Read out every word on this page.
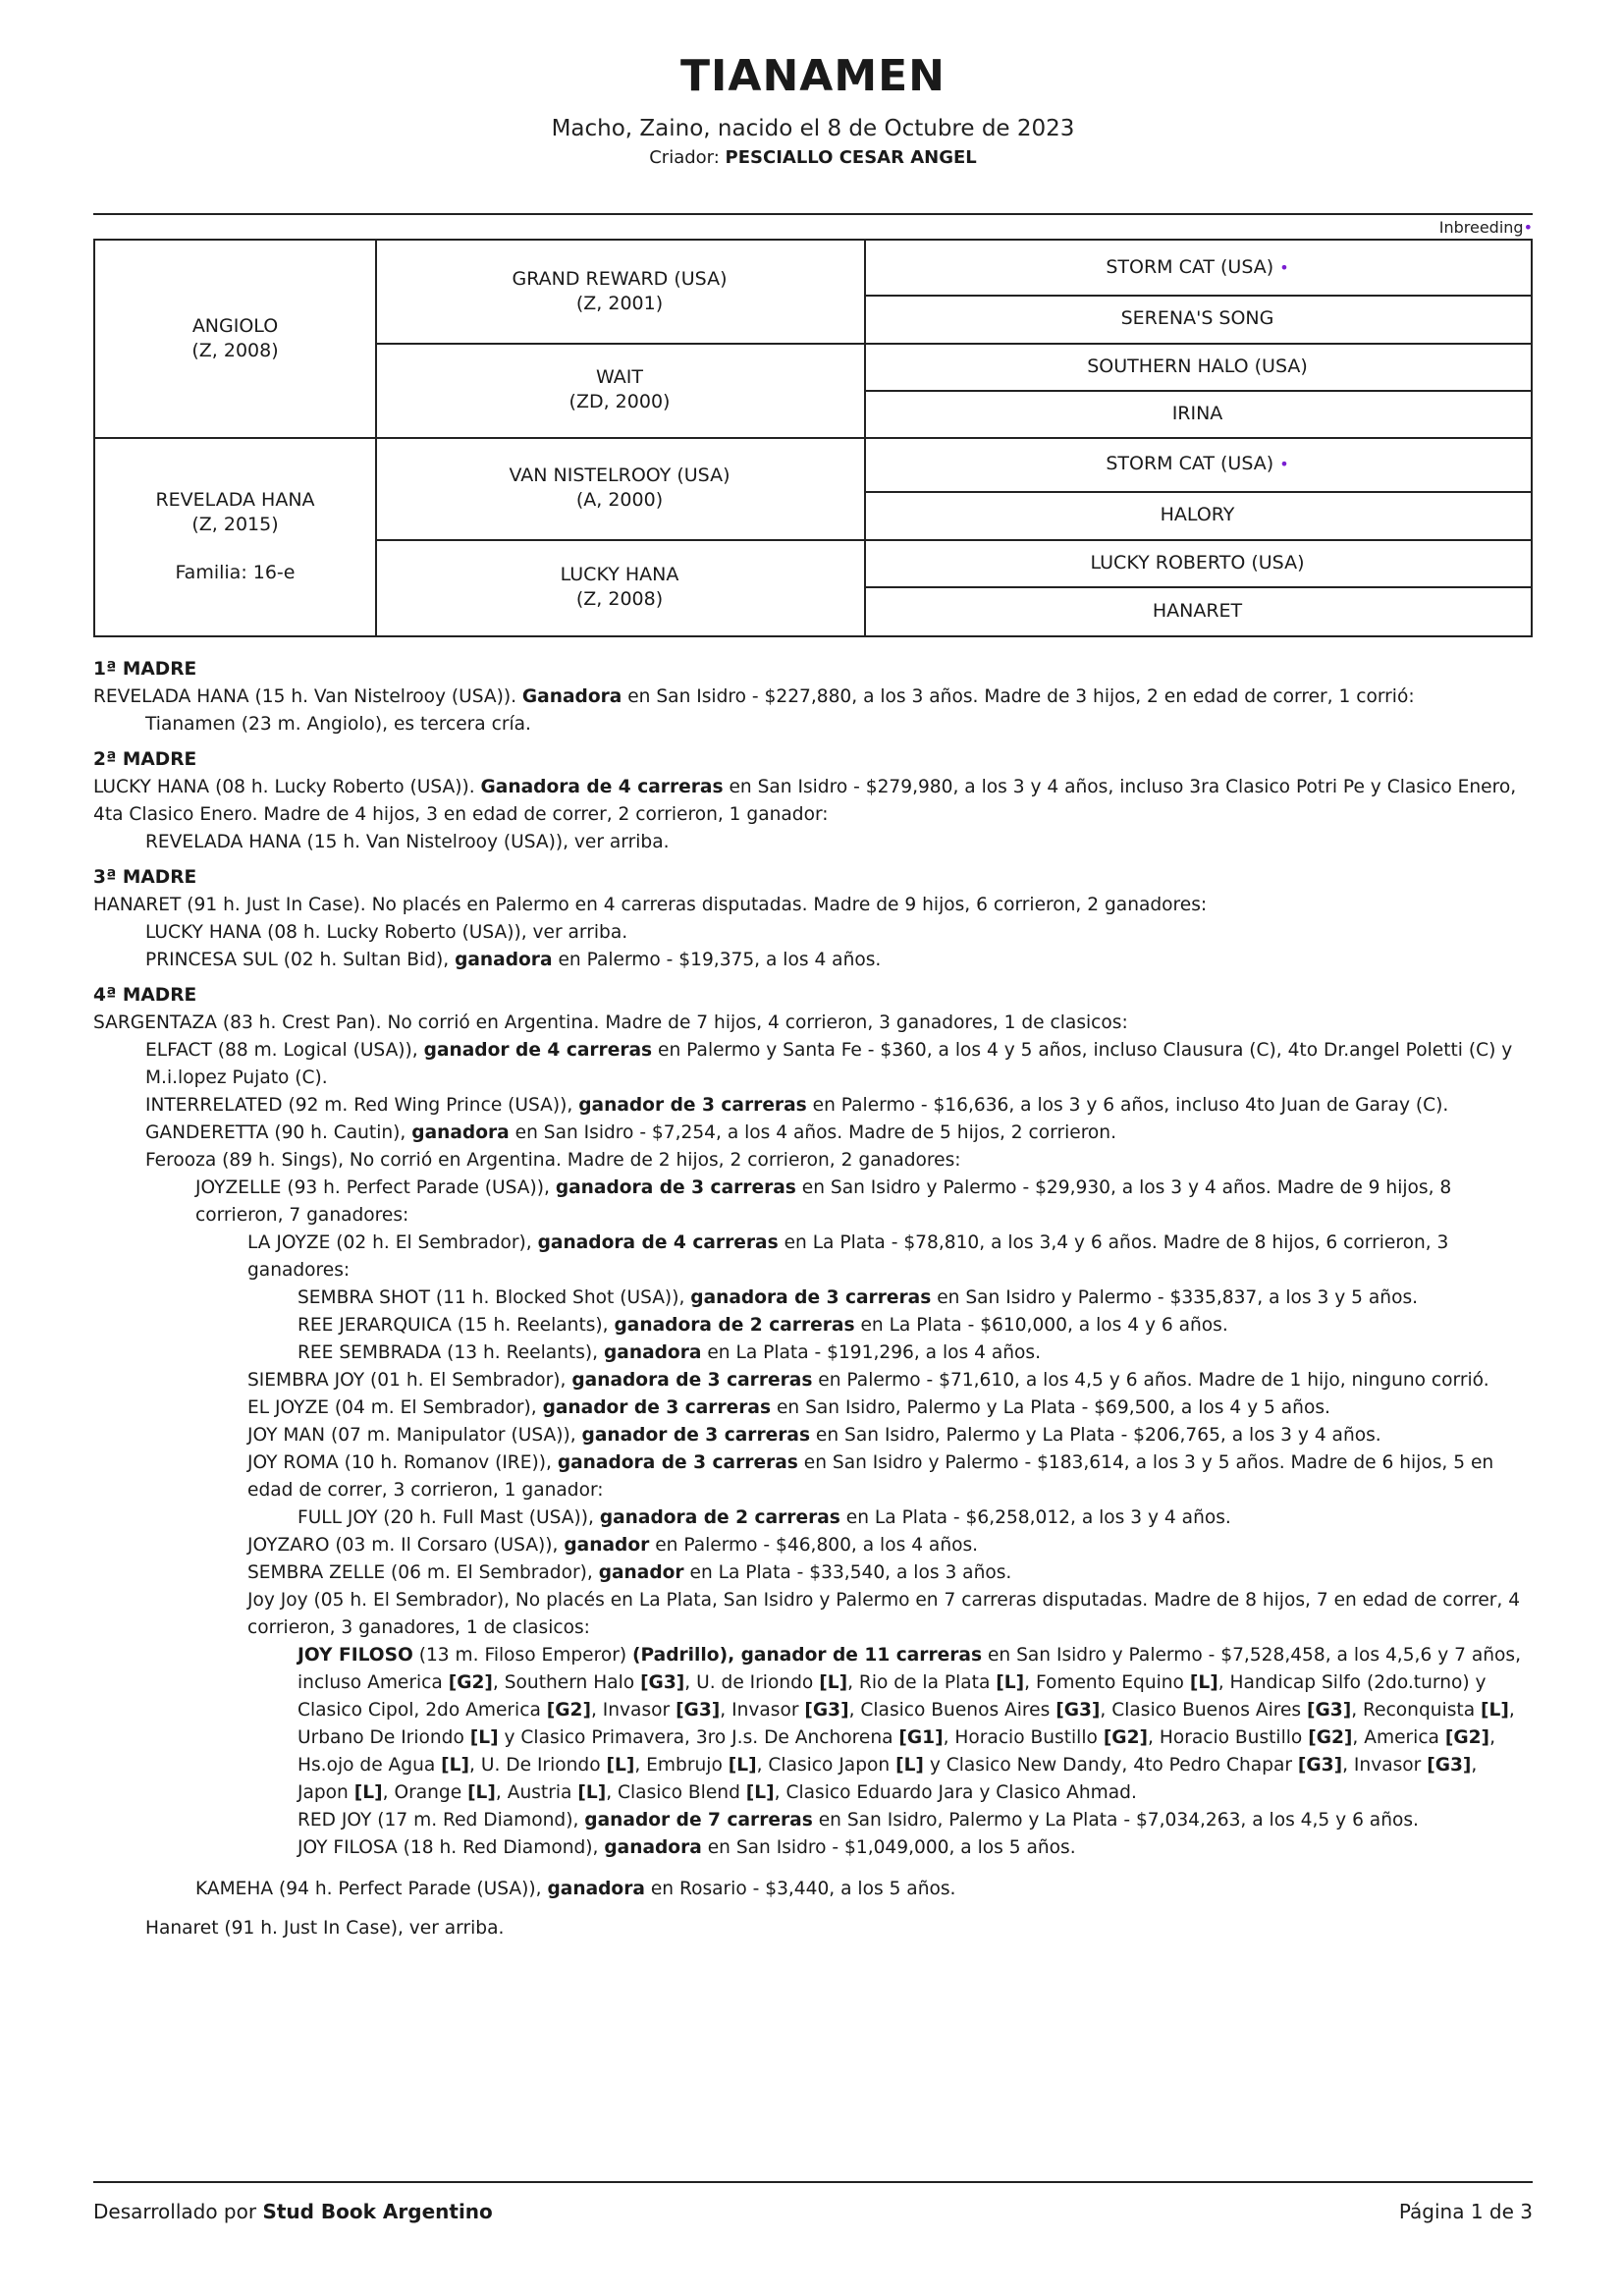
TIANAMEN
Macho, Zaino, nacido el 8 de Octubre de 2023
Criador: PESCIALLO CESAR ANGEL
Inbreeding•
ANGIOLO
(Z, 2008)
REVELADA HANA
(Z, 2015)
Familia: 16-e
GRAND REWARD (USA)
(Z, 2001)
WAIT
(ZD, 2000)
VAN NISTELROOY (USA)
(A, 2000)
LUCKY HANA
(Z, 2008)
STORM CAT (USA) •
SERENA'S SONG
SOUTHERN HALO (USA)
IRINA
STORM CAT (USA) •
HALORY
LUCKY ROBERTO (USA)
HANARET

1ª MADRE

REVELADA HANA (15 h. Van Nistelrooy (USA)). Ganadora en San Isidro - $227,880, a los 3 años. Madre de 3 hijos, 2 en edad de correr, 1 corrió:

Tianamen (23 m. Angiolo), es tercera cría.

2ª MADRE

LUCKY HANA (08 h. Lucky Roberto (USA)). Ganadora de 4 carreras en San Isidro - $279,980, a los 3 y 4 años, incluso 3ra Clasico Potri Pe y Clasico Enero, 4ta Clasico Enero. Madre de 4 hijos, 3 en edad de correr, 2 corrieron, 1 ganador:

REVELADA HANA (15 h. Van Nistelrooy (USA)), ver arriba.

3ª MADRE

HANARET (91 h. Just In Case). No placés en Palermo en 4 carreras disputadas. Madre de 9 hijos, 6 corrieron, 2 ganadores:

LUCKY HANA (08 h. Lucky Roberto (USA)), ver arriba.

PRINCESA SUL (02 h. Sultan Bid), ganadora en Palermo - $19,375, a los 4 años.

4ª MADRE

SARGENTAZA (83 h. Crest Pan). No corrió en Argentina. Madre de 7 hijos, 4 corrieron, 3 ganadores, 1 de clasicos:

ELFACT (88 m. Logical (USA)), ganador de 4 carreras en Palermo y Santa Fe - $360, a los 4 y 5 años, incluso Clausura (C), 4to Dr.angel Poletti (C) y M.i.lopez Pujato (C).

INTERRELATED (92 m. Red Wing Prince (USA)), ganador de 3 carreras en Palermo - $16,636, a los 3 y 6 años, incluso 4to Juan de Garay (C).

GANDERETTA (90 h. Cautin), ganadora en San Isidro - $7,254, a los 4 años. Madre de 5 hijos, 2 corrieron.

Ferooza (89 h. Sings), No corrió en Argentina. Madre de 2 hijos, 2 corrieron, 2 ganadores:

JOYZELLE (93 h. Perfect Parade (USA)), ganadora de 3 carreras en San Isidro y Palermo - $29,930, a los 3 y 4 años. Madre de 9 hijos, 8 corrieron, 7 ganadores:

LA JOYZE (02 h. El Sembrador), ganadora de 4 carreras en La Plata - $78,810, a los 3,4 y 6 años. Madre de 8 hijos, 6 corrieron, 3 ganadores:

SEMBRA SHOT (11 h. Blocked Shot (USA)), ganadora de 3 carreras en San Isidro y Palermo - $335,837, a los 3 y 5 años.

REE JERARQUICA (15 h. Reelants), ganadora de 2 carreras en La Plata - $610,000, a los 4 y 6 años.

REE SEMBRADA (13 h. Reelants), ganadora en La Plata - $191,296, a los 4 años.

SIEMBRA JOY (01 h. El Sembrador), ganadora de 3 carreras en Palermo - $71,610, a los 4,5 y 6 años. Madre de 1 hijo, ninguno corrió.

EL JOYZE (04 m. El Sembrador), ganador de 3 carreras en San Isidro, Palermo y La Plata - $69,500, a los 4 y 5 años.

JOY MAN (07 m. Manipulator (USA)), ganador de 3 carreras en San Isidro, Palermo y La Plata - $206,765, a los 3 y 4 años.

JOY ROMA (10 h. Romanov (IRE)), ganadora de 3 carreras en San Isidro y Palermo - $183,614, a los 3 y 5 años. Madre de 6 hijos, 5 en edad de correr, 3 corrieron, 1 ganador:

FULL JOY (20 h. Full Mast (USA)), ganadora de 2 carreras en La Plata - $6,258,012, a los 3 y 4 años.

JOYZARO (03 m. Il Corsaro (USA)), ganador en Palermo - $46,800, a los 4 años.

SEMBRA ZELLE (06 m. El Sembrador), ganador en La Plata - $33,540, a los 3 años.

Joy Joy (05 h. El Sembrador), No placés en La Plata, San Isidro y Palermo en 7 carreras disputadas. Madre de 8 hijos, 7 en edad de correr, 4 corrieron, 3 ganadores, 1 de clasicos:

JOY FILOSO (13 m. Filoso Emperor) (Padrillo), ganador de 11 carreras en San Isidro y Palermo - $7,528,458, a los 4,5,6 y 7 años, incluso America [G2], Southern Halo [G3], U. de Iriondo [L], Rio de la Plata [L], Fomento Equino [L], Handicap Silfo (2do.turno) y Clasico Cipol, 2do America [G2], Invasor [G3], Invasor [G3], Clasico Buenos Aires [G3], Clasico Buenos Aires [G3], Reconquista [L], Urbano De Iriondo [L] y Clasico Primavera, 3ro J.s. De Anchorena [G1], Horacio Bustillo [G2], Horacio Bustillo [G2], America [G2], Hs.ojo de Agua [L], U. De Iriondo [L], Embrujo [L], Clasico Japon [L] y Clasico New Dandy, 4to Pedro Chapar [G3], Invasor [G3], Japon [L], Orange [L], Austria [L], Clasico Blend [L], Clasico Eduardo Jara y Clasico Ahmad.

RED JOY (17 m. Red Diamond), ganador de 7 carreras en San Isidro, Palermo y La Plata - $7,034,263, a los 4,5 y 6 años.

JOY FILOSA (18 h. Red Diamond), ganadora en San Isidro - $1,049,000, a los 5 años.

KAMEHA (94 h. Perfect Parade (USA)), ganadora en Rosario - $3,440, a los 5 años.

Hanaret (91 h. Just In Case), ver arriba.

Desarrollado por Stud Book Argentino	Página 1 de 3
